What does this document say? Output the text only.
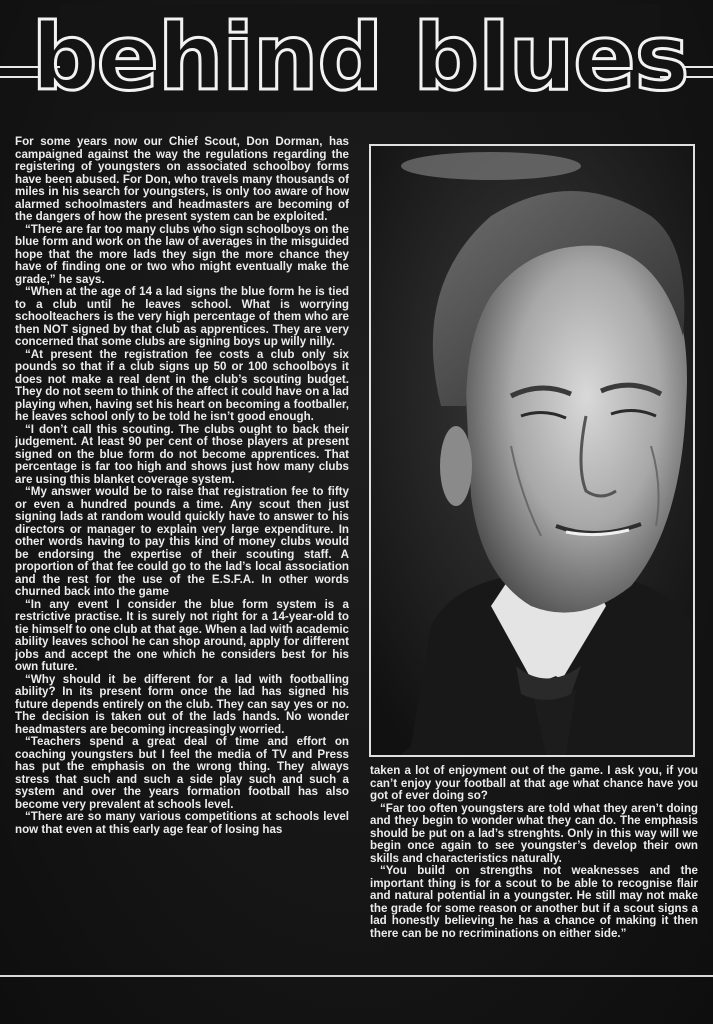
behind blues

For some years now our Chief Scout, Don Dorman, has campaigned against the way the regulations regarding the registering of youngsters on associated schoolboy forms have been abused. For Don, who travels many thousands of miles in his search for youngsters, is only too aware of how alarmed schoolmasters and headmasters are becoming of the dangers of how the present system can be exploited.

“There are far too many clubs who sign schoolboys on the blue form and work on the law of averages in the misguided hope that the more lads they sign the more chance they have of finding one or two who might eventually make the grade,” he says.

“When at the age of 14 a lad signs the blue form he is tied to a club until he leaves school. What is worrying schoolteachers is the very high percentage of them who are then NOT signed by that club as apprentices. They are very concerned that some clubs are signing boys up willy nilly.

“At present the registration fee costs a club only six pounds so that if a club signs up 50 or 100 schoolboys it does not make a real dent in the club’s scouting budget. They do not seem to think of the affect it could have on a lad playing when, having set his heart on becoming a footballer, he leaves school only to be told he isn’t good enough.

“I don’t call this scouting. The clubs ought to back their judgement. At least 90 per cent of those players at present signed on the blue form do not become apprentices. That percentage is far too high and shows just how many clubs are using this blanket coverage system.

“My answer would be to raise that registration fee to fifty or even a hundred pounds a time. Any scout then just signing lads at random would quickly have to answer to his directors or manager to explain very large expenditure. In other words having to pay this kind of money clubs would be endorsing the expertise of their scouting staff. A proportion of that fee could go to the lad’s local association and the rest for the use of the E.S.F.A. In other words churned back into the game

“In any event I consider the blue form system is a restrictive practise. It is surely not right for a 14-year-old to tie himself to one club at that age. When a lad with academic ability leaves school he can shop around, apply for different jobs and accept the one which he considers best for his own future.

“Why should it be different for a lad with footballing ability? In its present form once the lad has signed his future depends entirely on the club. They can say yes or no. The decision is taken out of the lads hands. No wonder headmasters are becoming increasingly worried.

“Teachers spend a great deal of time and effort on coaching youngsters but I feel the media of TV and Press has put the emphasis on the wrong thing. They always stress that such and such a side play such and such a system and over the years formation football has also become very prevalent at schools level.

“There are so many various competitions at schools level now that even at this early age fear of losing has

taken a lot of enjoyment out of the game. I ask you, if you can’t enjoy your football at that age what chance have you got of ever doing so?

“Far too often youngsters are told what they aren’t doing and they begin to wonder what they can do. The emphasis should be put on a lad’s strenghts. Only in this way will we begin once again to see youngster’s develop their own skills and characteristics naturally.

“You build on strengths not weaknesses and the important thing is for a scout to be able to recognise flair and natural potential in a youngster. He still may not make the grade for some reason or another but if a scout signs a lad honestly believing he has a chance of making it then there can be no recriminations on either side.”
